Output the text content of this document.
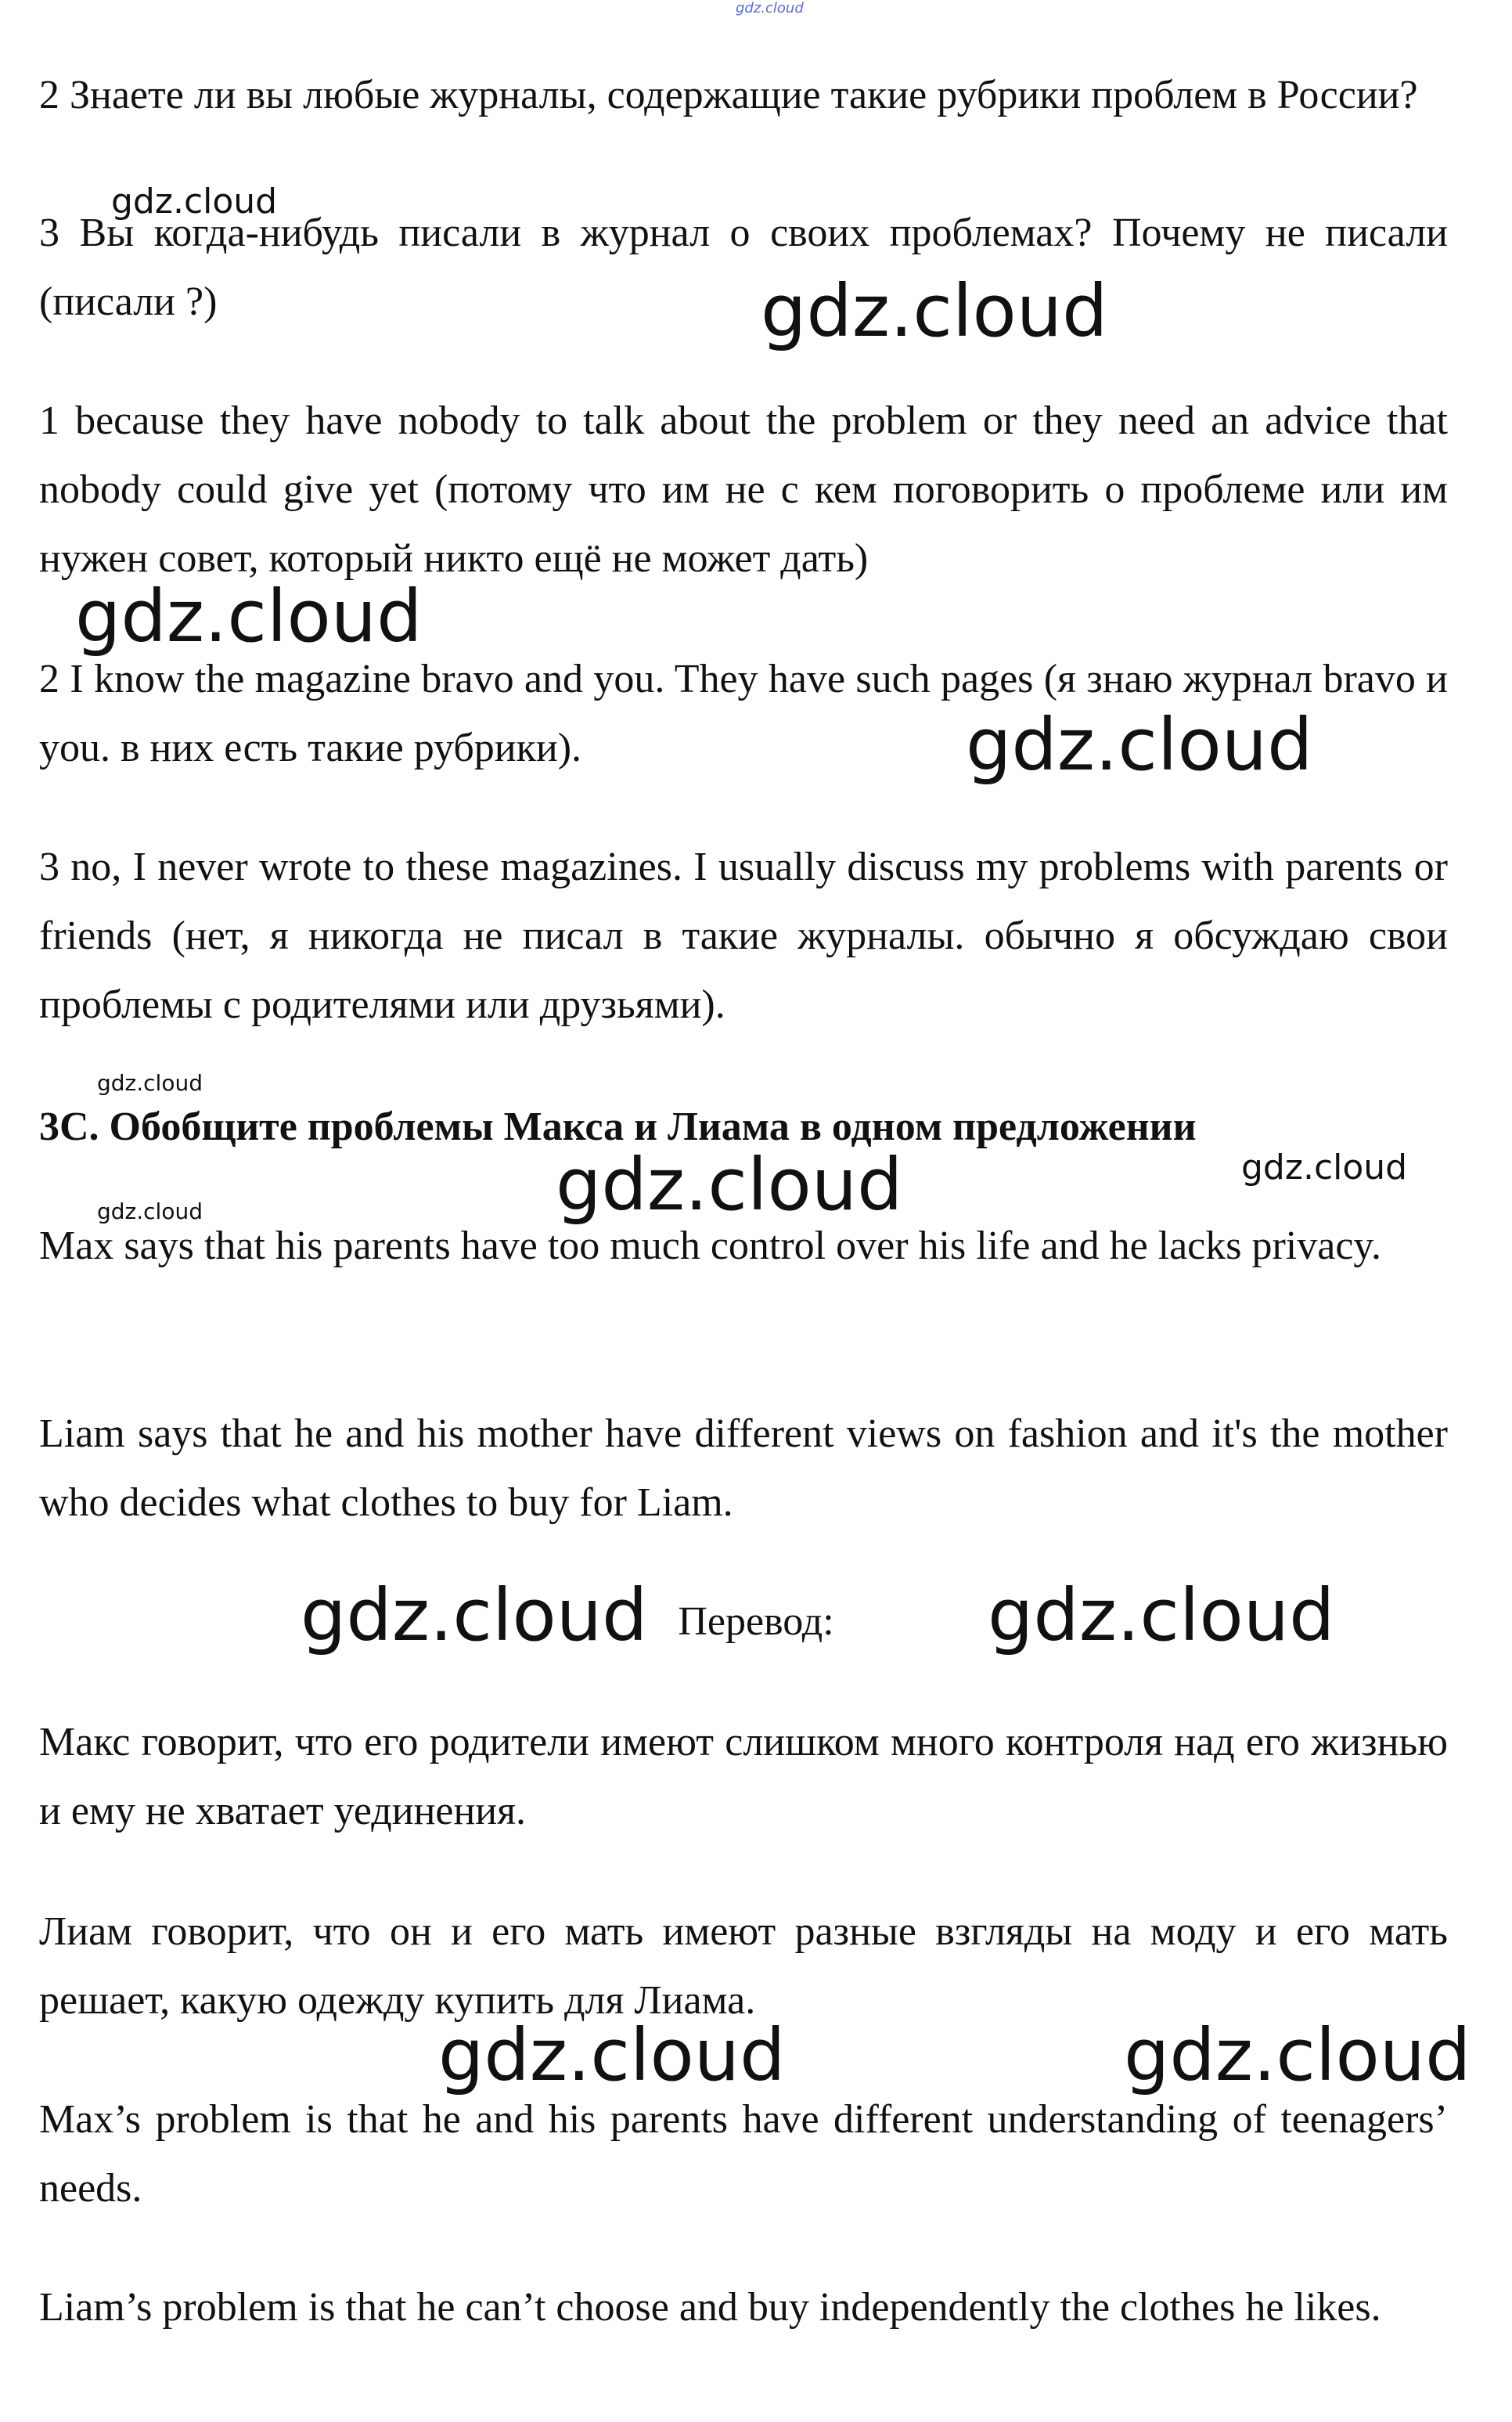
gdz.cloud

2 Знаете ли вы любые журналы, содержащие такие рубрики проблем в России?

3 Вы когда-нибудь писали в журнал о своих проблемах? Почему не писали (писали ?)

1 because they have nobody to talk about the problem or they need an advice that nobody could give yet (потому что им не с кем поговорить о проблеме или им нужен совет, который никто ещё не может дать)

2 I know the magazine bravo and you. They have such pages (я знаю журнал bravo и you. в них есть такие рубрики).

3 no, I never wrote to these magazines. I usually discuss my problems with parents or friends (нет, я никогда не писал в такие журналы. обычно я обсуждаю свои проблемы с родителями или друзьями).

3C. Обобщите проблемы Макса и Лиама в одном предложении

Max says that his parents have too much control over his life and he lacks privacy.

Liam says that he and his mother have different views on fashion and it's the mother who decides what clothes to buy for Liam.

Перевод:

Макс говорит, что его родители имеют слишком много контроля над его жизнью и ему не хватает уединения.

Лиам говорит, что он и его мать имеют разные взгляды на моду и его мать решает, какую одежду купить для Лиама.

Max’s problem is that he and his parents have different understanding of teenagers’ needs.

Liam’s problem is that he can’t choose and buy independently the clothes he likes.

gdz.cloud
gdz.cloud
gdz.cloud
gdz.cloud
gdz.cloud
gdz.cloud	gdz.cloud
gdz.cloud
gdz.cloud	gdz.cloud
gdz.cloud	gdz.cloud
